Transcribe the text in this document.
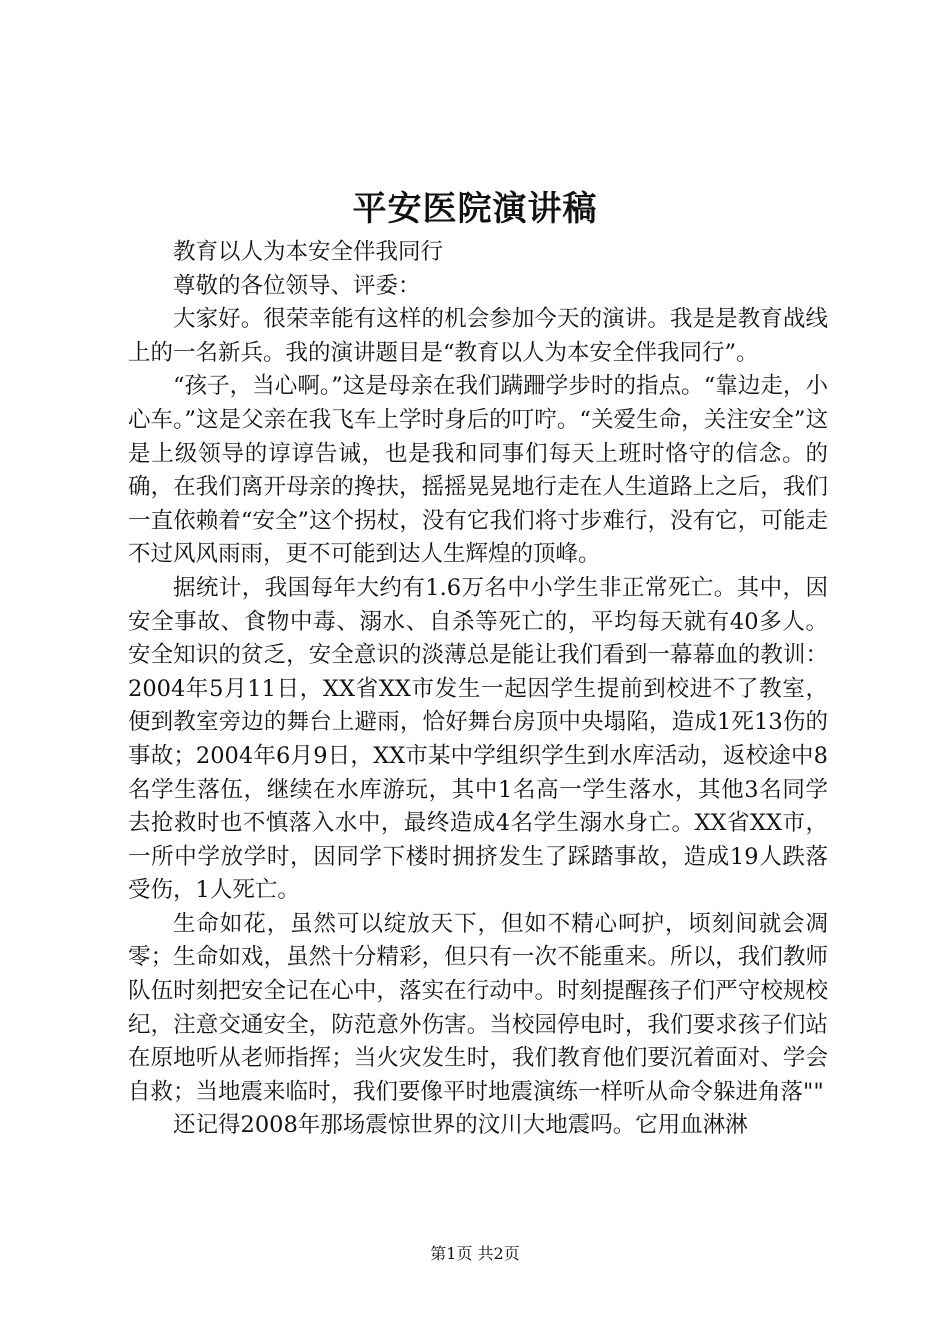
平安医院演讲稿

教育以人为本安全伴我同行

尊敬的各位领导、评委：

大家好。很荣幸能有这样的机会参加今天的演讲。我是是教育战线上的一名新兵。我的演讲题目是“教育以人为本安全伴我同行”。

“孩子，当心啊。”这是母亲在我们蹒跚学步时的指点。“靠边走，小心车。”这是父亲在我飞车上学时身后的叮咛。“关爱生命，关注安全”这是上级领导的谆谆告诫，也是我和同事们每天上班时恪守的信念。的确，在我们离开母亲的搀扶，摇摇晃晃地行走在人生道路上之后，我们一直依赖着“安全”这个拐杖，没有它我们将寸步难行，没有它，可能走不过风风雨雨，更不可能到达人生辉煌的顶峰。

据统计，我国每年大约有1.6万名中小学生非正常死亡。其中，因安全事故、食物中毒、溺水、自杀等死亡的，平均每天就有40多人。安全知识的贫乏，安全意识的淡薄总是能让我们看到一幕幕血的教训：2004年5月11日，XX省XX市发生一起因学生提前到校进不了教室，便到教室旁边的舞台上避雨，恰好舞台房顶中央塌陷，造成1死13伤的事故；2004年6月9日，XX市某中学组织学生到水库活动，返校途中8名学生落伍，继续在水库游玩，其中1名高一学生落水，其他3名同学去抢救时也不慎落入水中，最终造成4名学生溺水身亡。XX省XX市，一所中学放学时，因同学下楼时拥挤发生了踩踏事故，造成19人跌落受伤，1人死亡。

生命如花，虽然可以绽放天下，但如不精心呵护，顷刻间就会凋零；生命如戏，虽然十分精彩，但只有一次不能重来。所以，我们教师队伍时刻把安全记在心中，落实在行动中。时刻提醒孩子们严守校规校纪，注意交通安全，防范意外伤害。当校园停电时，我们要求孩子们站在原地听从老师指挥；当火灾发生时，我们教育他们要沉着面对、学会自救；当地震来临时，我们要像平时地震演练一样听从命令躲进角落""

还记得2008年那场震惊世界的汶川大地震吗。它用血淋淋

第1页 共2页
